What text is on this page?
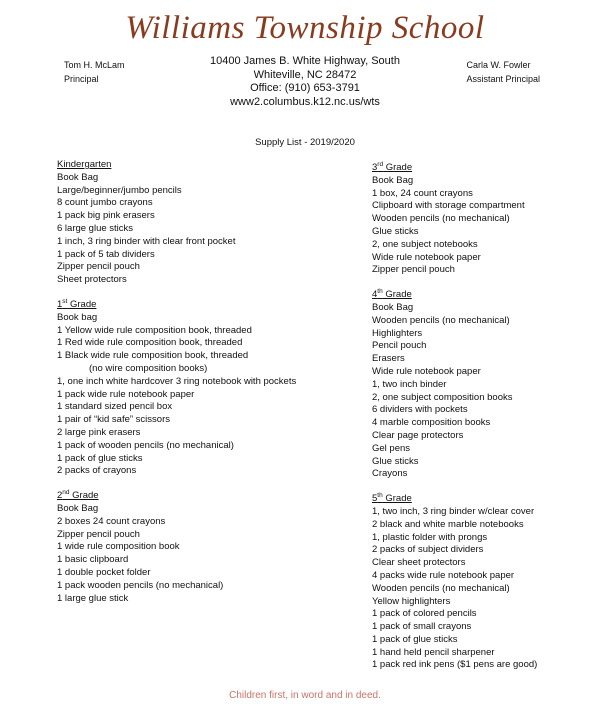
Williams Township School
Tom H. McLam
Principal
10400 James B. White Highway, South
Whiteville, NC 28472
Office: (910) 653-3791
www2.columbus.k12.nc.us/wts
Carla W. Fowler
Assistant Principal
Supply List - 2019/2020
Kindergarten
Book Bag
Large/beginner/jumbo pencils
8 count jumbo crayons
1 pack big pink erasers
6 large glue sticks
1 inch, 3 ring binder with clear front pocket
1 pack of 5 tab dividers
Zipper pencil pouch
Sheet protectors
1st Grade
Book bag
1 Yellow wide rule composition book, threaded
1 Red wide rule composition book, threaded
1 Black wide rule composition book, threaded
(no wire composition books)
1, one inch white hardcover 3 ring notebook with pockets
1 pack wide rule notebook paper
1 standard sized pencil box
1 pair of “kid safe” scissors
2 large pink erasers
1 pack of wooden pencils (no mechanical)
1 pack of glue sticks
2 packs of crayons
2nd Grade
Book Bag
2 boxes 24 count crayons
Zipper pencil pouch
1 wide rule composition book
1 basic clipboard
1 double pocket folder
1 pack wooden pencils (no mechanical)
1 large glue stick
3rd Grade
Book Bag
1 box, 24 count crayons
Clipboard with storage compartment
Wooden pencils (no mechanical)
Glue sticks
2, one subject notebooks
Wide rule notebook paper
Zipper pencil pouch
4th Grade
Book Bag
Wooden pencils (no mechanical)
Highlighters
Pencil pouch
Erasers
Wide rule notebook paper
1, two inch binder
2, one subject composition books
6 dividers with pockets
4 marble composition books
Clear page protectors
Gel pens
Glue sticks
Crayons
5th Grade
1, two inch, 3 ring binder w/clear cover
2 black and white marble notebooks
1, plastic folder with prongs
2 packs of subject dividers
Clear sheet protectors
4 packs wide rule notebook paper
Wooden pencils (no mechanical)
Yellow highlighters
1 pack of colored pencils
1 pack of small crayons
1 pack of glue sticks
1 hand held pencil sharpener
1 pack red ink pens ($1 pens are good)
Children first, in word and in deed.
